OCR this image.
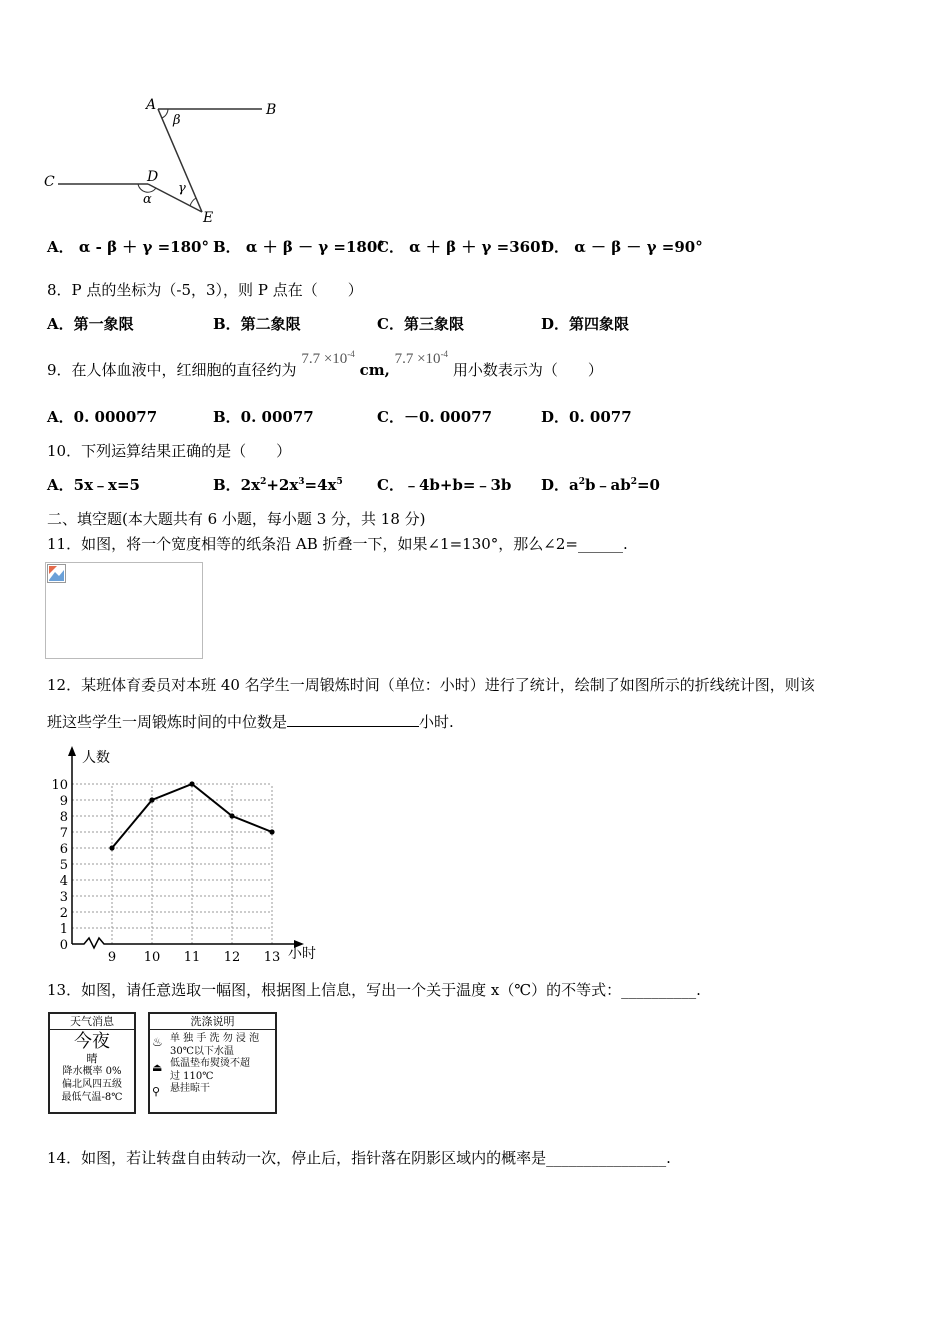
A	B
C	D
E
α
β
γ
A． α - β ＋ γ =180° B． α ＋ β － γ =180°
C． α ＋ β ＋ γ =360°
D． α － β － γ =90°
8．P 点的坐标为（-5，3），则 P 点在（　　）
A．第一象限	B．第二象限	C．第三象限	D．第四象限
9．在人体血液中，红细胞的直径约为 $7.7 \times 10^{-4}$ cm, $7.7 \times 10^{-4}$ 用小数表示为（　　）
A．0. 000077	B．0. 00077	C．－0. 00077	D．0. 0077
10．下列运算结果正确的是（　　）
A．5x﹣x=5	B．$2x^2+2x^3=4x^5$ C．﹣4b+b=﹣3b D．$a^2b﹣ab^2=0$
二、填空题(本大题共有 6 小题，每小题 3 分，共 18 分)
11．如图，将一个宽度相等的纸条沿 AB 折叠一下，如果∠1=130°，那么∠2=______.
12．某班体育委员对本班 40 名学生一周锻炼时间（单位：小时）进行了统计，绘制了如图所示的折线统计图，则该
班这些学生一周锻炼时间的中位数是	小时.
0
1
2
3
4
5
6
7
8
9
10
9 10 11 12 13
人数
小时
13．如图，请任意选取一幅图，根据图上信息，写出一个关于温度 x（℃）的不等式：__________.
天气消息
今夜
晴
降水概率 0%
偏北风四五级
最低气温-8℃
洗涤说明
♨
⏏
⚲
单 独 手 洗 勿 浸 泡
30℃以下水温
低温垫布熨烫不超
过 110℃
悬挂晾干
14．如图，若让转盘自由转动一次，停止后，指针落在阴影区域内的概率是________________.
